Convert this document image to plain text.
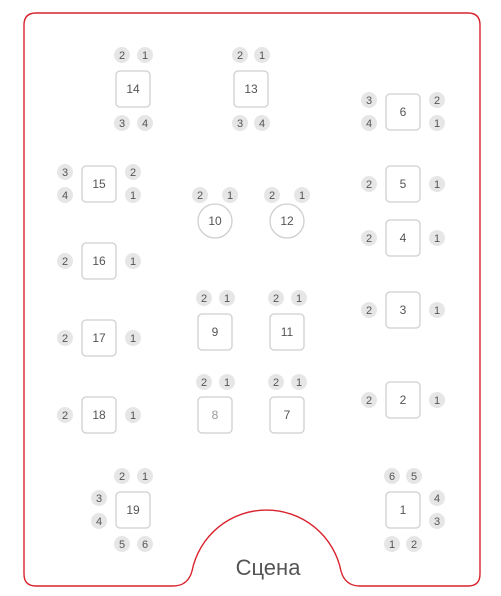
Сцена
1
1 2
3
4
5
6
2	1
2
3	1
2
4	1
2
5	1
2
6
1
2
3
4
7
1
2
8
1
2
9
1
2
10
1
2
11
1
2
12
1
2
13
1
2
3 4
14
1
2
3 4
15
1
2
3
4
16 1
2
17 1
2
18 1
2
19
1
2
3
4
5 6
